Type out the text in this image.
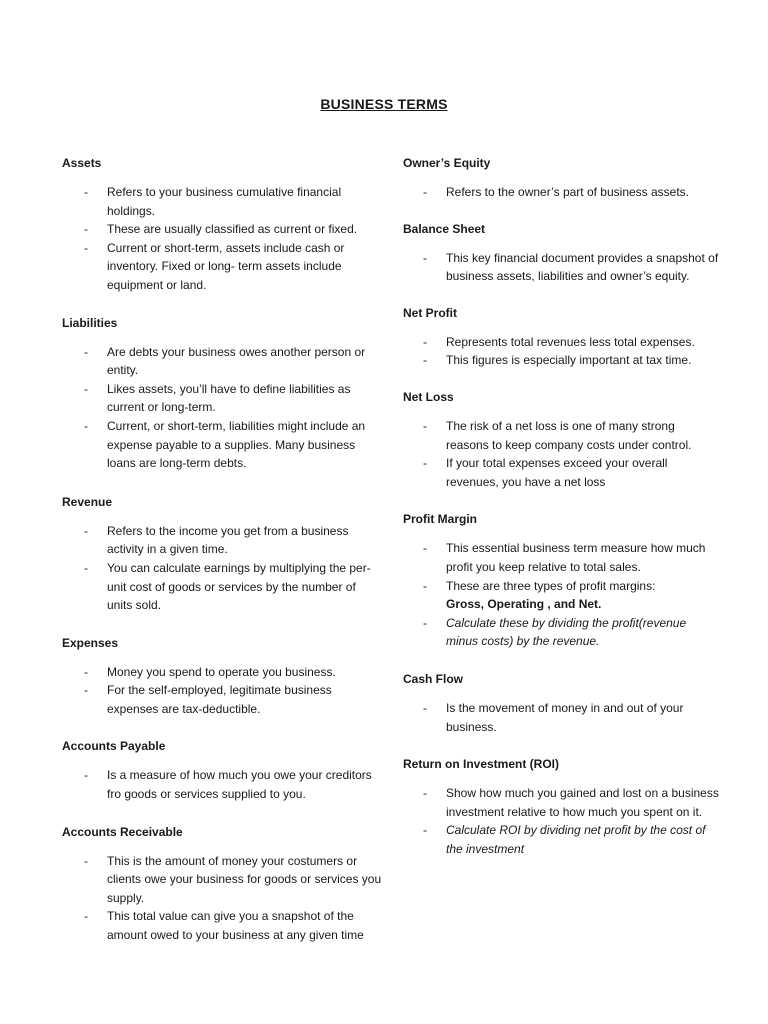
BUSINESS TERMS
Assets
- Refers to your business cumulative financial holdings.
- These are usually classified as current or fixed.
- Current or short-term, assets include cash or inventory. Fixed or long- term assets include equipment or land.
Liabilities
- Are debts your business owes another person or entity.
- Likes assets, you’ll have to define liabilities as current or long-term.
- Current, or short-term, liabilities might include an expense payable to a supplies. Many business loans are long-term debts.
Revenue
- Refers to the income you get from a business activity in a given time.
- You can calculate earnings by multiplying the per-unit cost of goods or services by the number of units sold.
Expenses
- Money you spend to operate you business.
- For the self-employed, legitimate business expenses are tax-deductible.
Accounts Payable
- Is a measure of how much you owe your creditors fro goods or services supplied to you.
Accounts Receivable
- This is the amount of money your costumers or clients owe your business for goods or services you supply.
- This total value can give you a snapshot of the amount owed to your business at any given time
Owner’s Equity
- Refers to the owner’s part of business assets.
Balance Sheet
- This key financial document provides a snapshot of business assets, liabilities and owner’s equity.
Net Profit
- Represents total revenues less total expenses.
- This figures is especially important at tax time.
Net Loss
- The risk of a net loss is one of many strong reasons to keep company costs under control.
- If your total expenses exceed your overall revenues, you have a net loss
Profit Margin
- This essential business term measure how much profit you keep relative to total sales.
- These are three types of profit margins:
Gross, Operating , and Net.
- Calculate these by dividing the profit(revenue minus costs) by the revenue.
Cash Flow
- Is the movement of money in and out of your business.
Return on Investment (ROI)
- Show how much you gained and lost on a business investment relative to how much you spent on it.
- Calculate ROI by dividing net profit by the cost of the investment
